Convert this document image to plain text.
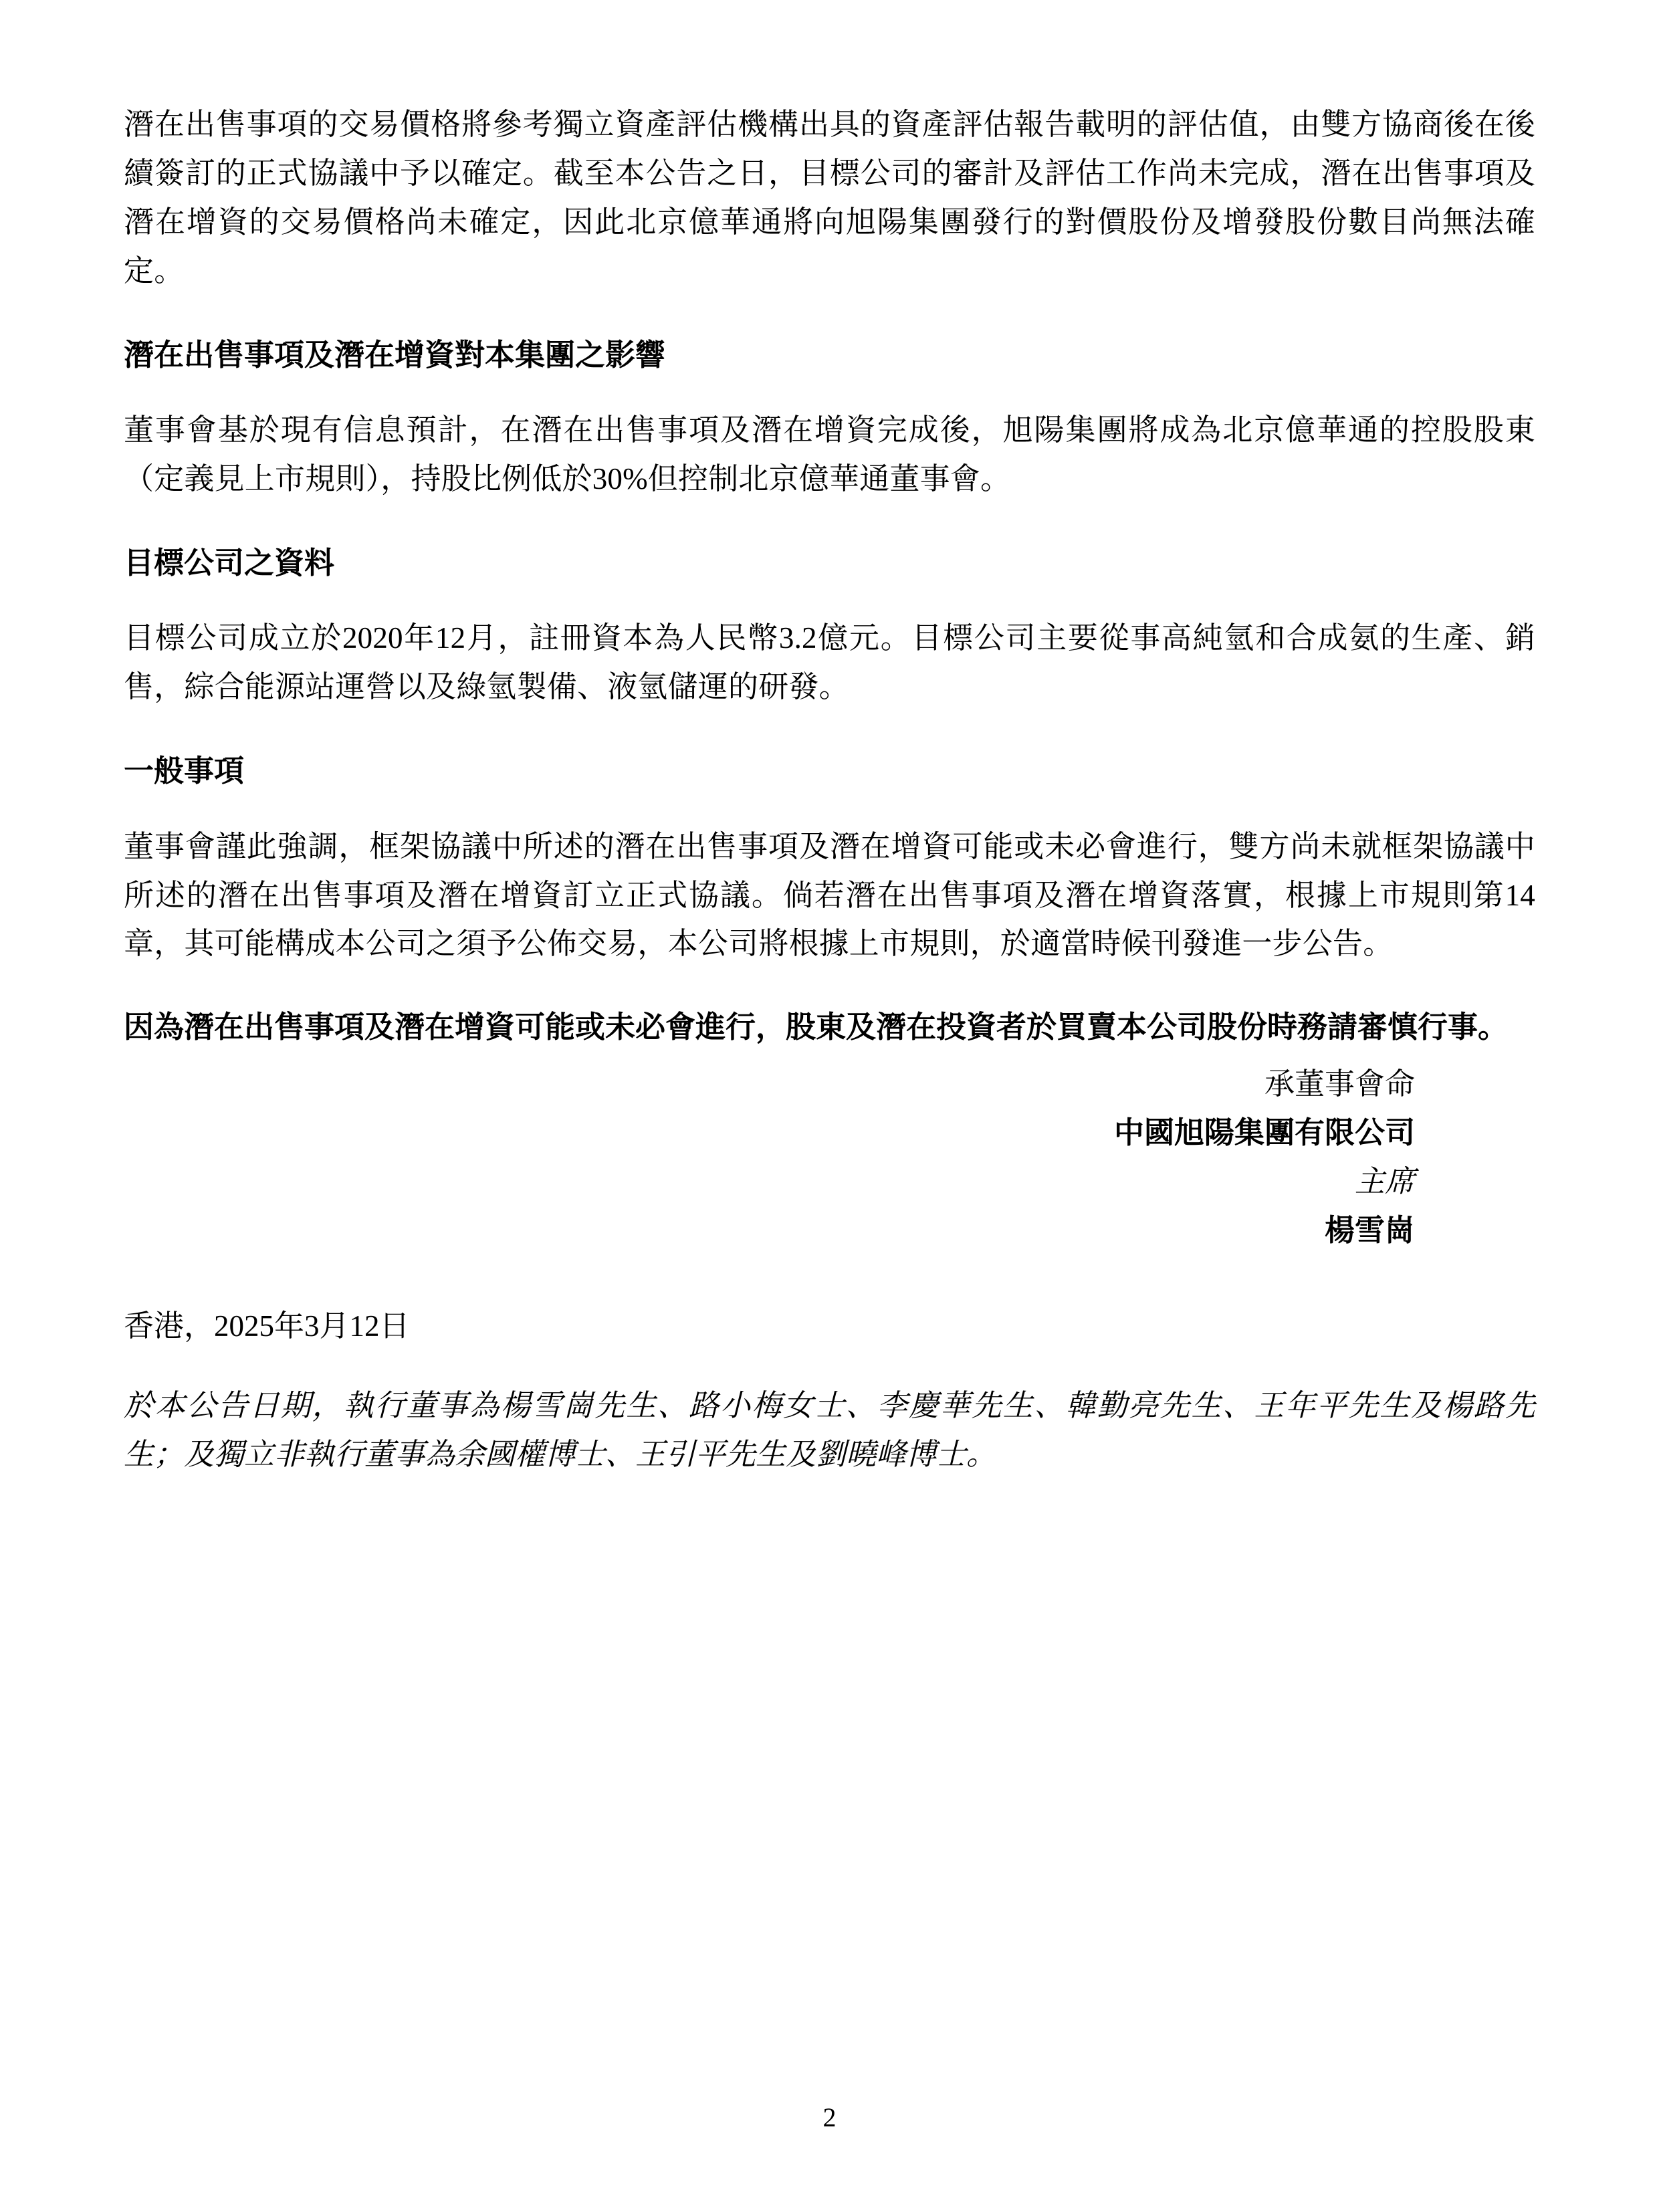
潛在出售事項的交易價格將參考獨立資產評估機構出具的資產評估報告載明的評估值，由雙方協商後在後續簽訂的正式協議中予以確定。截至本公告之日，目標公司的審計及評估工作尚未完成，潛在出售事項及潛在增資的交易價格尚未確定，因此北京億華通將向旭陽集團發行的對價股份及增發股份數目尚無法確定。

潛在出售事項及潛在增資對本集團之影響

董事會基於現有信息預計，在潛在出售事項及潛在增資完成後，旭陽集團將成為北京億華通的控股股東（定義見上市規則），持股比例低於30%但控制北京億華通董事會。

目標公司之資料

目標公司成立於2020年12月，註冊資本為人民幣3.2億元。目標公司主要從事高純氫和合成氨的生產、銷售，綜合能源站運營以及綠氫製備、液氫儲運的研發。

一般事項

董事會謹此強調，框架協議中所述的潛在出售事項及潛在增資可能或未必會進行，雙方尚未就框架協議中所述的潛在出售事項及潛在增資訂立正式協議。倘若潛在出售事項及潛在增資落實，根據上市規則第14章，其可能構成本公司之須予公佈交易，本公司將根據上市規則，於適當時候刊發進一步公告。

因為潛在出售事項及潛在增資可能或未必會進行，股東及潛在投資者於買賣本公司股份時務請審慎行事。

承董事會命
中國旭陽集團有限公司
主席
楊雪崗

香港，2025年3月12日

於本公告日期，執行董事為楊雪崗先生、路小梅女士、李慶華先生、韓勤亮先生、王年平先生及楊路先生；及獨立非執行董事為余國權博士、王引平先生及劉曉峰博士。

2
